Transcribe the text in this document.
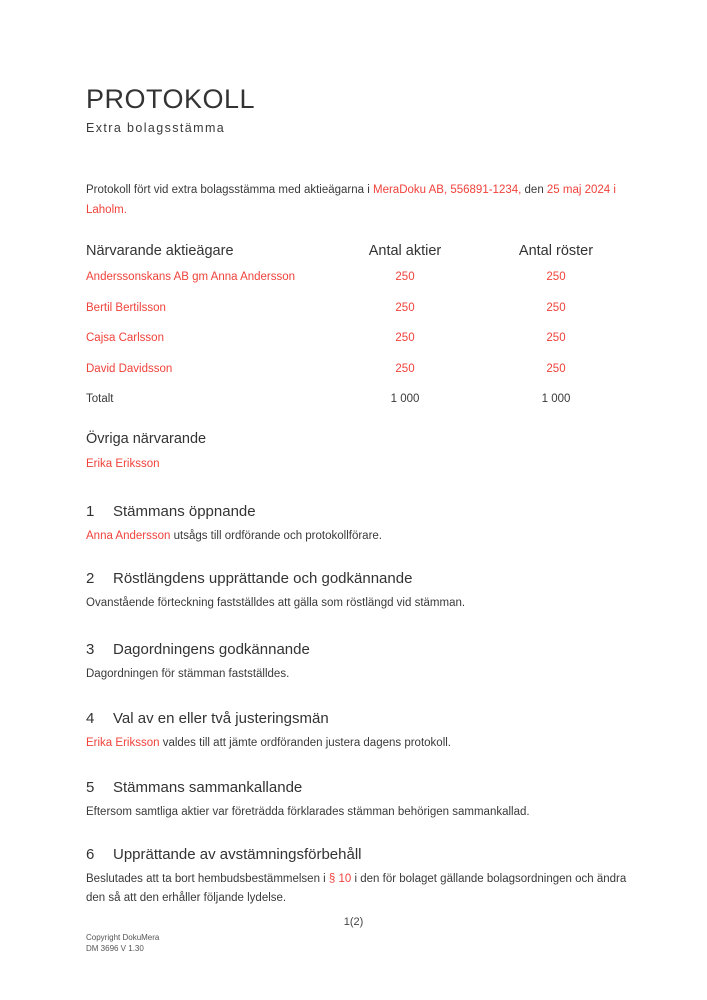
PROTOKOLL
Extra bolagsstämma

Protokoll fört vid extra bolagsstämma med aktieägarna i MeraDoku AB, 556891-1234, den 25 maj 2024 i Laholm.

Närvarande aktieägare	Antal aktier	Antal röster
Anderssonskans AB gm Anna Andersson	250	250
Bertil Bertilsson	250	250
Cajsa Carlsson	250	250
David Davidsson	250	250
Totalt	1 000	1 000
Övriga närvarande
Erika Eriksson
1 Stämmans öppnande

Anna Andersson utsågs till ordförande och protokollförare.

2 Röstlängdens upprättande och godkännande

Ovanstående förteckning fastställdes att gälla som röstlängd vid stämman.

3 Dagordningens godkännande

Dagordningen för stämman fastställdes.

4 Val av en eller två justeringsmän

Erika Eriksson valdes till att jämte ordföranden justera dagens protokoll.

5 Stämmans sammankallande

Eftersom samtliga aktier var företrädda förklarades stämman behörigen sammankallad.

6 Upprättande av avstämningsförbehåll

Beslutades att ta bort hembudsbestämmelsen i § 10 i den för bolaget gällande bolagsordningen och ändra den så att den erhåller följande lydelse.

1(2)
Copyright DokuMera
DM 3696 V 1.30
